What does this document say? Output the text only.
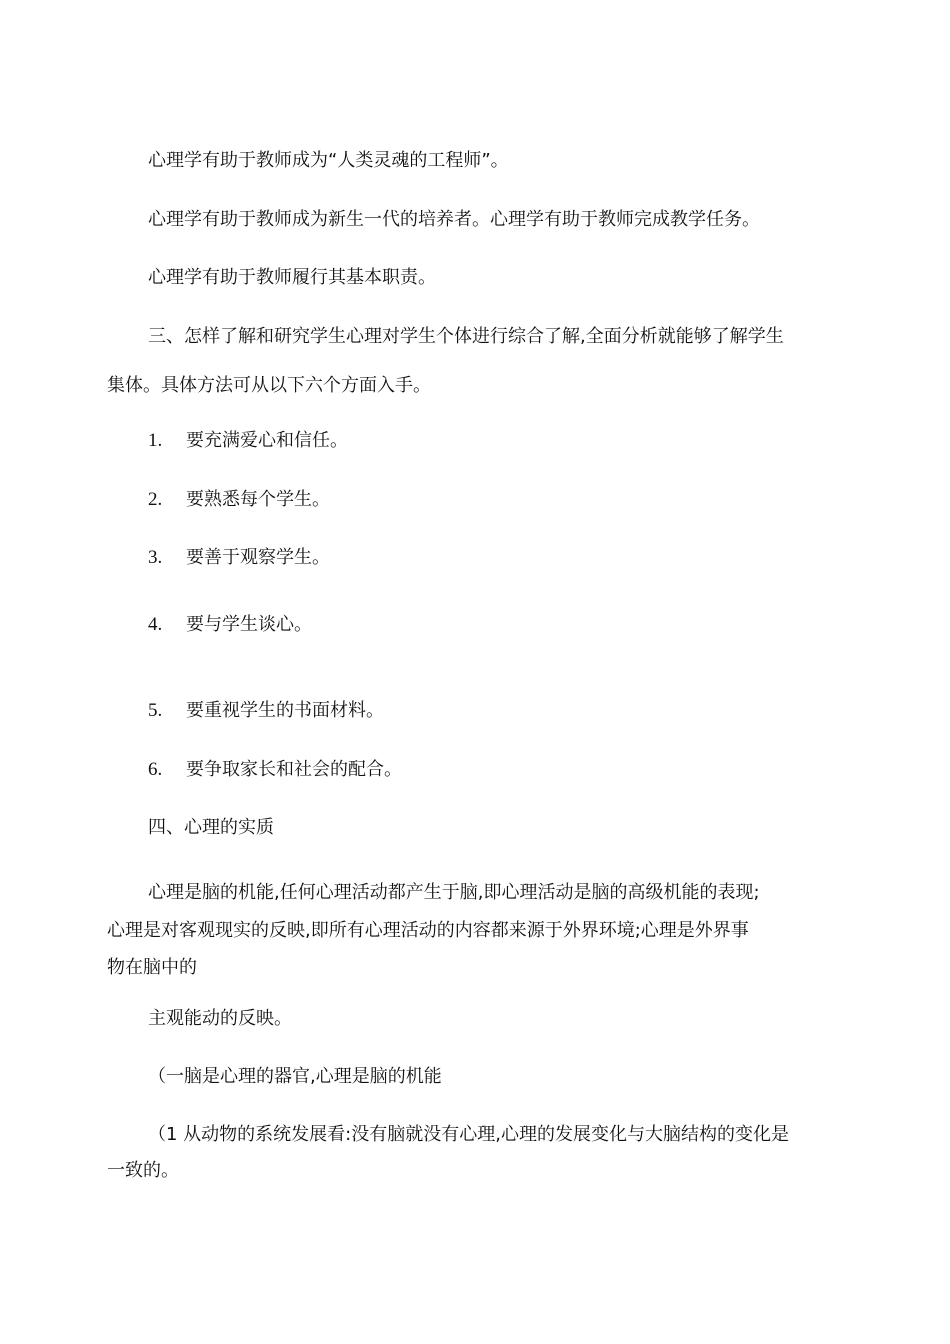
心理学有助于教师成为“人类灵魂的工程师”。
心理学有助于教师成为新生一代的培养者。心理学有助于教师完成教学任务。
心理学有助于教师履行其基本职责。
三、怎样了解和研究学生心理对学生个体进行综合了解,全面分析就能够了解学生
集体。具体方法可从以下六个方面入手。
1. 要充满爱心和信任。
2. 要熟悉每个学生。
3. 要善于观察学生。
4. 要与学生谈心。
5. 要重视学生的书面材料。
6. 要争取家长和社会的配合。
四、心理的实质
心理是脑的机能,任何心理活动都产生于脑,即心理活动是脑的高级机能的表现;
心理是对客观现实的反映,即所有心理活动的内容都来源于外界环境;心理是外界事
物在脑中的
主观能动的反映。
（一脑是心理的器官,心理是脑的机能
（1 从动物的系统发展看:没有脑就没有心理,心理的发展变化与大脑结构的变化是
一致的。
